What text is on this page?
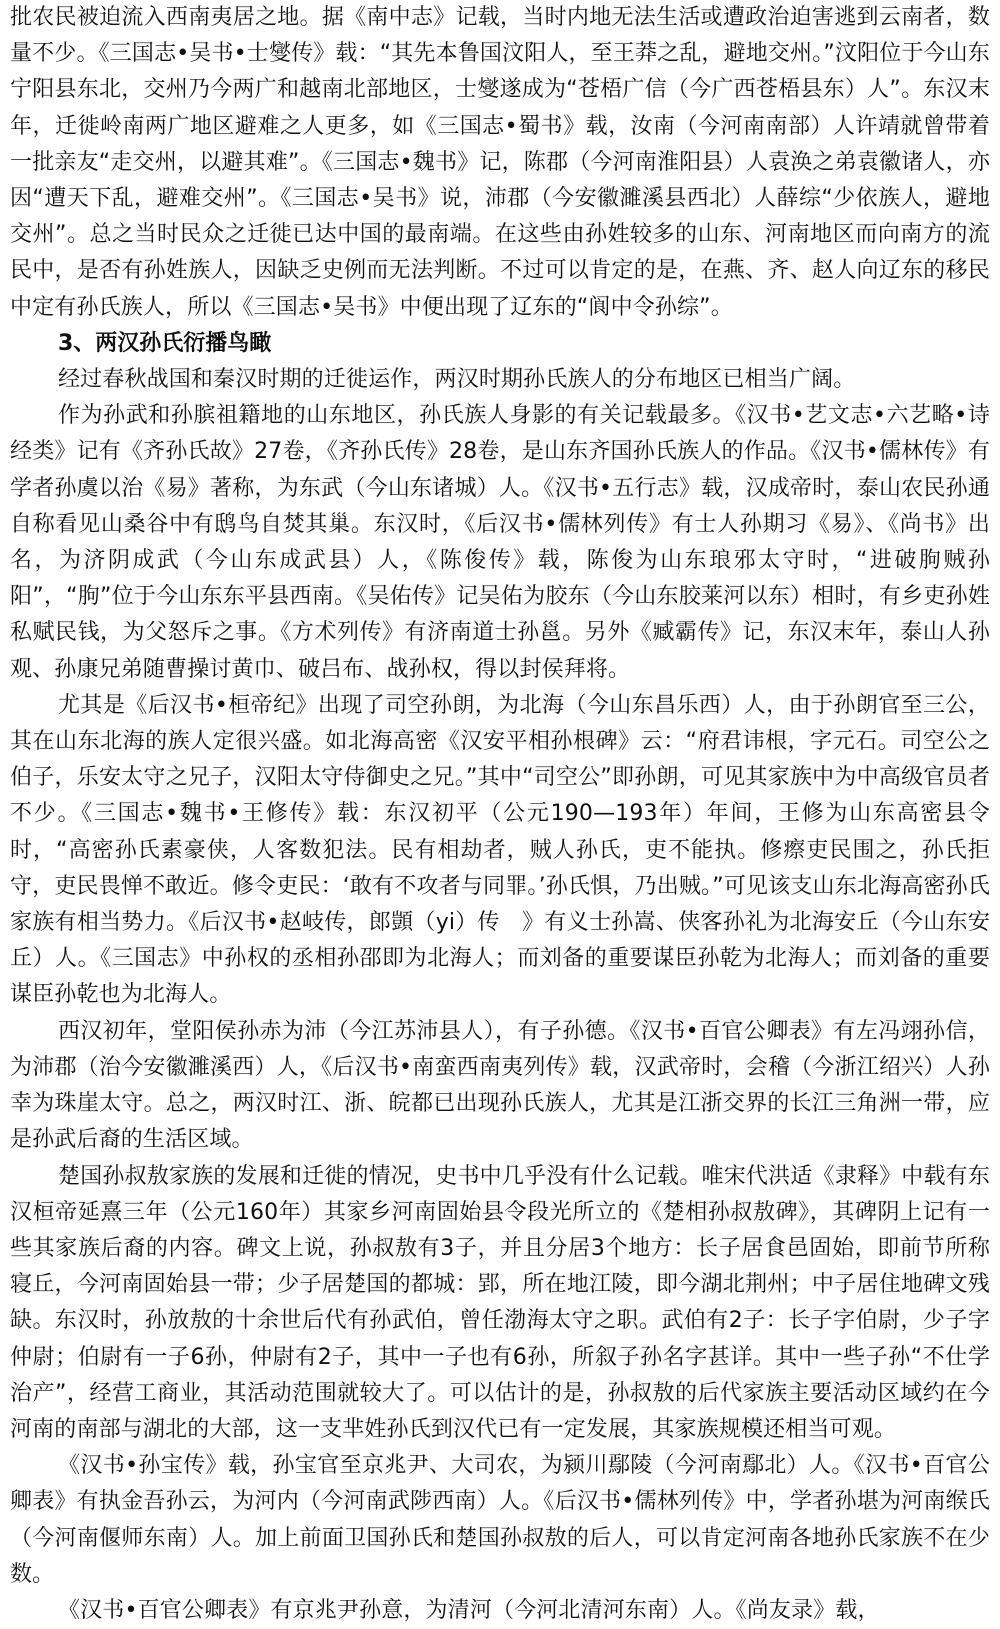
批农民被迫流入西南夷居之地。据《南中志》记载，当时内地无法生活或遭政治迫害逃到云南者，数量不少。《三国志•吴书•士燮传》载：“其先本鲁国汶阳人，至王莽之乱，避地交州。”汶阳位于今山东宁阳县东北，交州乃今两广和越南北部地区，士燮遂成为“苍梧广信（今广西苍梧县东）人”。东汉末年，迁徙岭南两广地区避难之人更多，如《三国志•蜀书》载，汝南（今河南南部）人许靖就曾带着一批亲友“走交州，以避其难”。《三国志•魏书》记，陈郡（今河南淮阳县）人袁涣之弟袁徽诸人，亦因“遭天下乱，避难交州”。《三国志•吴书》说，沛郡（今安徽濉溪县西北）人薛综“少依族人，避地交州”。总之当时民众之迁徙已达中国的最南端。在这些由孙姓较多的山东、河南地区而向南方的流民中，是否有孙姓族人，因缺乏史例而无法判断。不过可以肯定的是，在燕、齐、赵人向辽东的移民中定有孙氏族人，所以《三国志•吴书》中便出现了辽东的“阆中令孙综”。

3、两汉孙氏衍播鸟瞰

经过春秋战国和秦汉时期的迁徙运作，两汉时期孙氏族人的分布地区已相当广阔。

作为孙武和孙膑祖籍地的山东地区，孙氏族人身影的有关记载最多。《汉书•艺文志•六艺略•诗经类》记有《齐孙氏故》27卷，《齐孙氏传》28卷，是山东齐国孙氏族人的作品。《汉书•儒林传》有学者孙虞以治《易》著称，为东武（今山东诸城）人。《汉书•五行志》载，汉成帝时，泰山农民孙通自称看见山桑谷中有鸱鸟自焚其巢。东汉时，《后汉书•儒林列传》有士人孙期习《易》、《尚书》出名，为济阴成武（今山东成武县）人，《陈俊传》载，陈俊为山东琅邪太守时，“进破朐贼孙阳”，“朐”位于今山东东平县西南。《吴佑传》记吴佑为胶东（今山东胶莱河以东）相时，有乡吏孙姓私赋民钱，为父怒斥之事。《方术列传》有济南道士孙邕。另外《臧霸传》记，东汉末年，泰山人孙观、孙康兄弟随曹操讨黄巾、破吕布、战孙权，得以封侯拜将。

尤其是《后汉书•桓帝纪》出现了司空孙朗，为北海（今山东昌乐西）人，由于孙朗官至三公，其在山东北海的族人定很兴盛。如北海高密《汉安平相孙根碑》云：“府君讳根，字元石。司空公之伯子，乐安太守之兄子，汉阳太守侍御史之兄。”其中“司空公”即孙朗，可见其家族中为中高级官员者不少。《三国志•魏书•王修传》载：东汉初平（公元190—193年）年间，王修为山东高密县令时，“高密孙氏素豪侠，人客数犯法。民有相劫者，贼人孙氏，吏不能执。修瘵吏民围之，孙氏拒守，吏民畏惮不敢近。修令吏民：‘敢有不攻者与同罪。’孙氏惧，乃出贼。”可见该支山东北海高密孙氏家族有相当势力。《后汉书•赵岐传，郎顗（yi）传　》有义士孙嵩、侠客孙礼为北海安丘（今山东安丘）人。《三国志》中孙权的丞相孙邵即为北海人；而刘备的重要谋臣孙乾为北海人；而刘备的重要谋臣孙乾也为北海人。

西汉初年，堂阳侯孙赤为沛（今江苏沛县人），有子孙德。《汉书•百官公卿表》有左冯翊孙信，为沛郡（治今安徽濉溪西）人，《后汉书•南蛮西南夷列传》载，汉武帝时，会稽（今浙江绍兴）人孙幸为珠崖太守。总之，两汉时江、浙、皖都已出现孙氏族人，尤其是江浙交界的长江三角洲一带，应是孙武后裔的生活区域。

楚国孙叔敖家族的发展和迁徙的情况，史书中几乎没有什么记载。唯宋代洪适《隶释》中载有东汉桓帝延熹三年（公元160年）其家乡河南固始县令段光所立的《楚相孙叔敖碑》，其碑阴上记有一些其家族后裔的内容。碑文上说，孙叔敖有3子，并且分居3个地方：长子居食邑固始，即前节所称寝丘，今河南固始县一带；少子居楚国的都城：郢，所在地江陵，即今湖北荆州；中子居住地碑文残缺。东汉时，孙放敖的十余世后代有孙武伯，曾任渤海太守之职。武伯有2子：长子字伯尉，少子字仲尉；伯尉有一子6孙，仲尉有2子，其中一子也有6孙，所叙子孙名字甚详。其中一些子孙“不仕学治产”，经营工商业，其活动范围就较大了。可以估计的是，孙叔敖的后代家族主要活动区域约在今河南的南部与湖北的大部，这一支芈姓孙氏到汉代已有一定发展，其家族规模还相当可观。

《汉书•孙宝传》载，孙宝官至京兆尹、大司农，为颍川鄢陵（今河南鄢北）人。《汉书•百官公卿表》有执金吾孙云，为河内（今河南武陟西南）人。《后汉书•儒林列传》中，学者孙堪为河南缑氏（今河南偃师东南）人。加上前面卫国孙氏和楚国孙叔敖的后人，可以肯定河南各地孙氏家族不在少数。

《汉书•百官公卿表》有京兆尹孙意，为清河（今河北清河东南）人。《尚友录》载，
